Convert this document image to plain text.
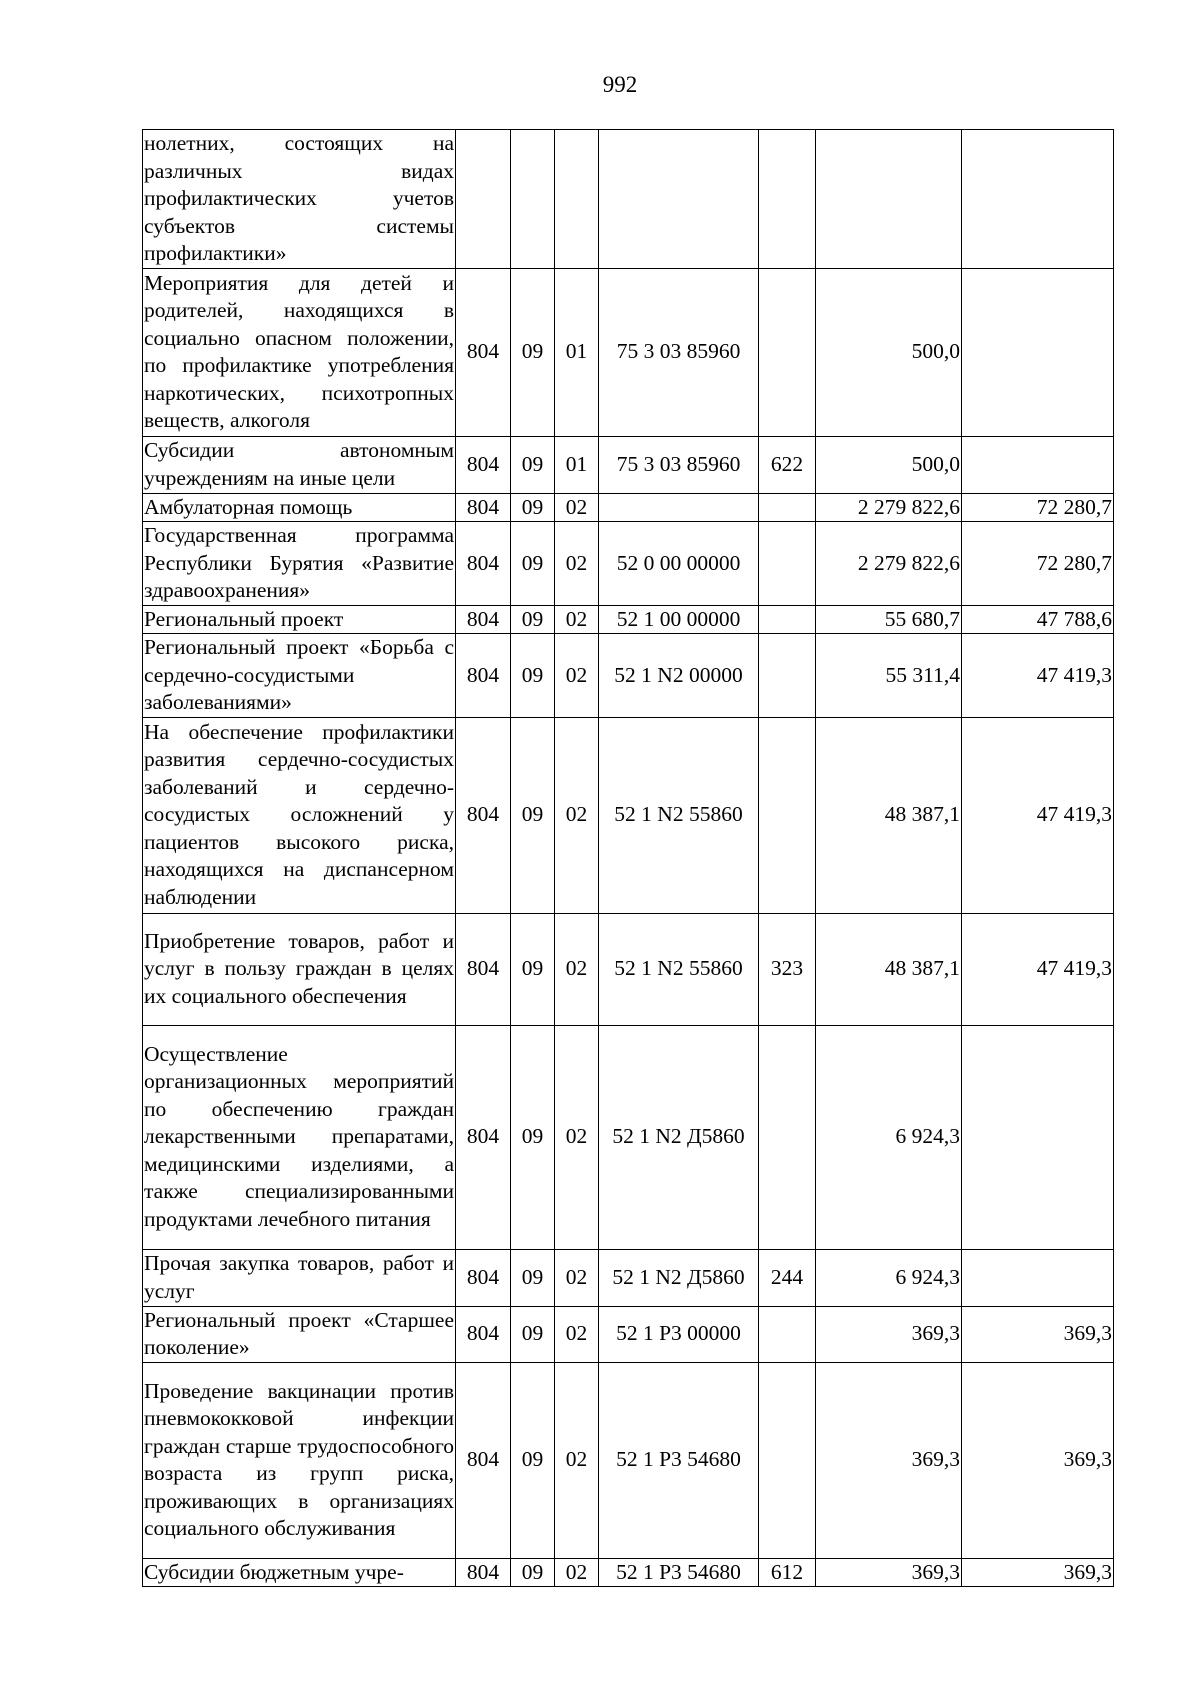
992
нолетних, состоящих на различных видах профилактических учетов субъектов системы профилактики»							
Мероприятия для детей и родителей, находящихся в социально опасном положении, по профилактике употребления наркотических, психотропных веществ, алкоголя	804	09	01	75 3 03 85960		500,0	
Субсидии автономным учреждениям на иные цели	804	09	01	75 3 03 85960	622	500,0	
Амбулаторная помощь	804	09	02			2 279 822,6	72 280,7
Государственная программа Республики Бурятия «Развитие здравоохранения»	804	09	02	52 0 00 00000		2 279 822,6	72 280,7
Региональный проект	804	09	02	52 1 00 00000		55 680,7	47 788,6
Региональный проект «Борьба с сердечно-сосудистыми заболеваниями»	804	09	02	52 1 N2 00000		55 311,4	47 419,3
На обеспечение профилактики развития сердечно-сосудистых заболеваний и сердечно-сосудистых осложнений у пациентов высокого риска, находящихся на диспансерном наблюдении	804	09	02	52 1 N2 55860		48 387,1	47 419,3
Приобретение товаров, работ и услуг в пользу граждан в целях их социального обеспечения	804	09	02	52 1 N2 55860	323	48 387,1	47 419,3
Осуществление организационных мероприятий по обеспечению граждан лекарственными препаратами, медицинскими изделиями, а также специализированными продуктами лечебного питания	804	09	02	52 1 N2 Д5860		6 924,3	
Прочая закупка товаров, работ и услуг	804	09	02	52 1 N2 Д5860	244	6 924,3	
Региональный проект «Старшее поколение»	804	09	02	52 1 P3 00000		369,3	369,3
Проведение вакцинации против пневмококковой инфекции граждан старше трудоспособного возраста из групп риска, проживающих в организациях социального обслуживания	804	09	02	52 1 P3 54680		369,3	369,3
Субсидии бюджетным учре-	804	09	02	52 1 P3 54680	612	369,3	369,3
